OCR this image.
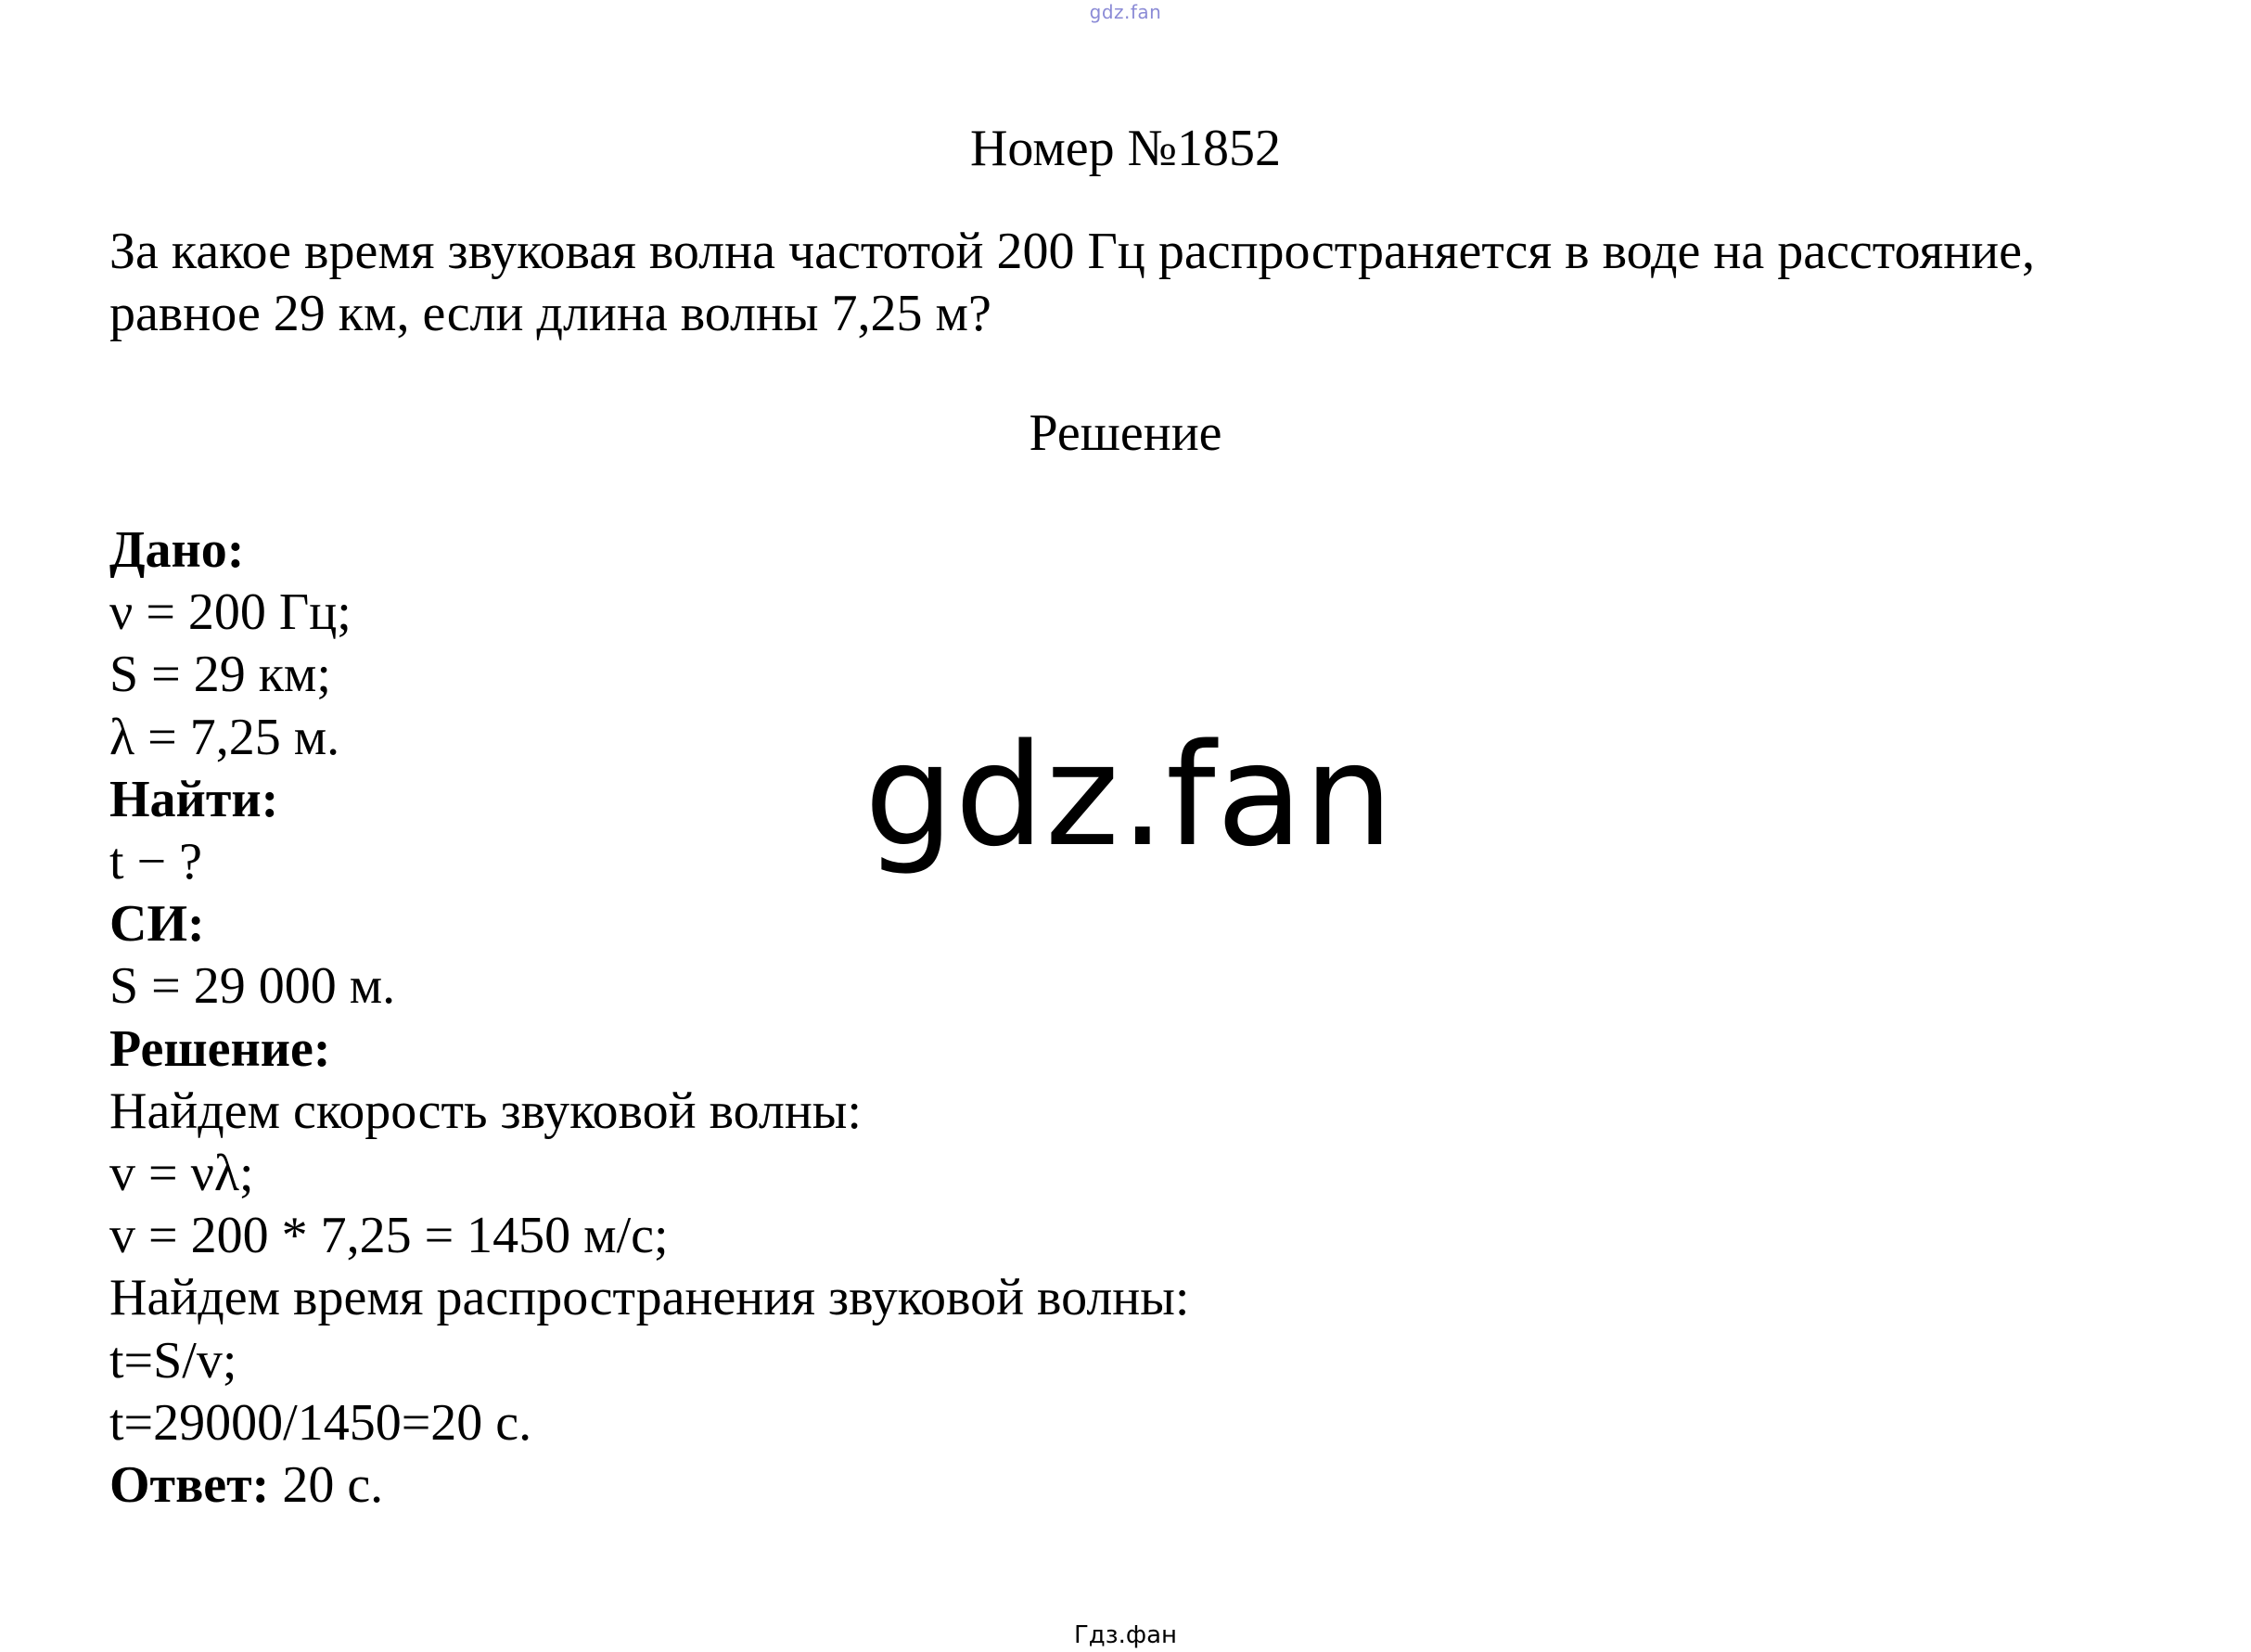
gdz.fan
Номер №1852
За какое время звуковая волна частотой 200 Гц распространяется в воде на расстояние, равное 29 км, если длина волны 7,25 м?
Решение
Дано:
ν = 200 Гц;
S = 29 км;
λ = 7,25 м.
Найти:
t − ?
СИ:
S = 29 000 м.
Решение:
Найдем скорость звуковой волны:
v = νλ;
v = 200 * 7,25 = 1450 м/с;
Найдем время распространения звуковой волны:
t=S/v;
t=29000/1450=20 с.
Ответ: 20 с.
gdz.fan
Гдз.фан
